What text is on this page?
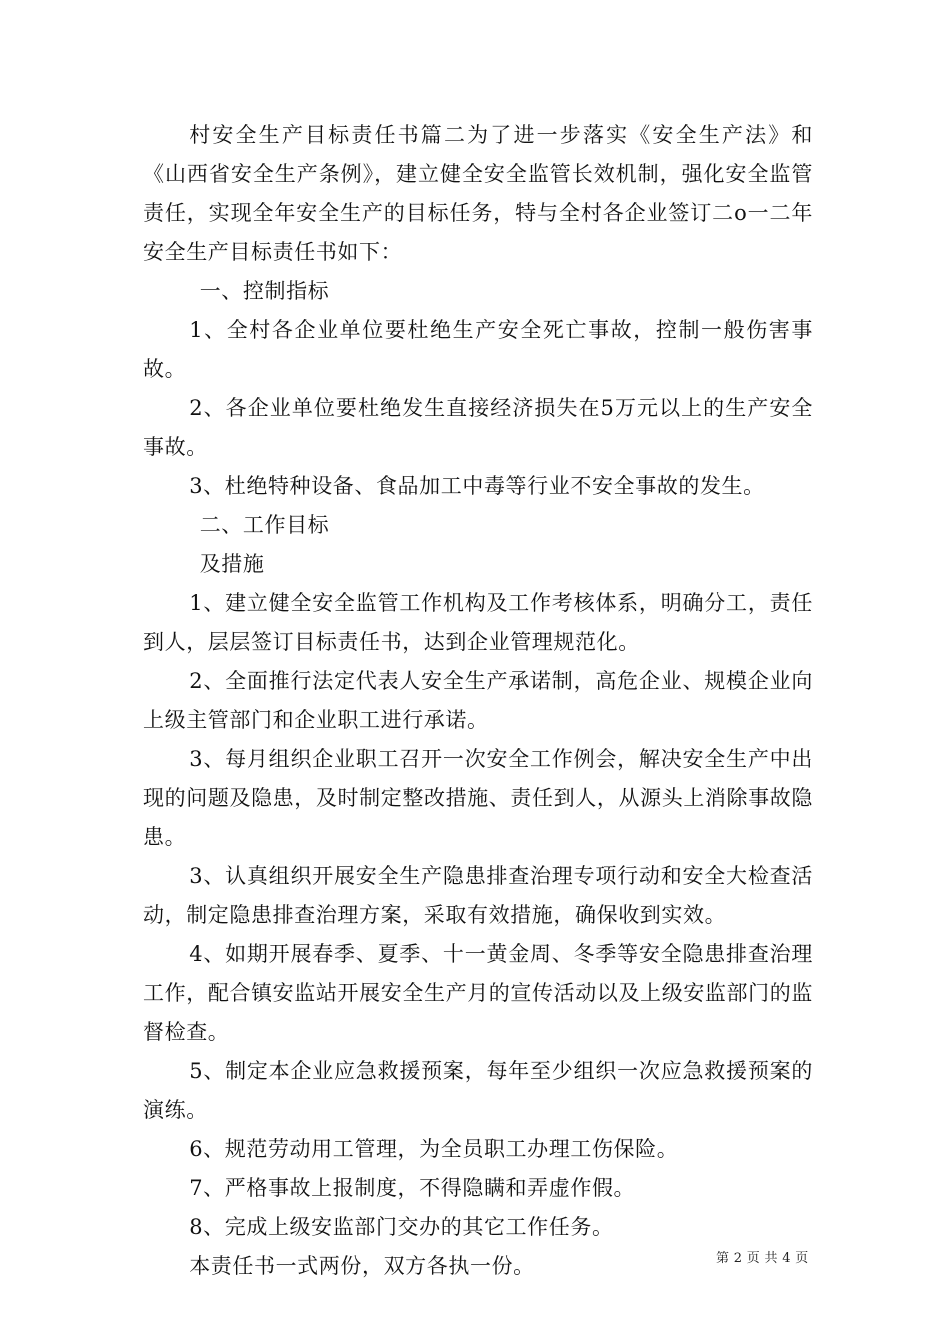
村安全生产目标责任书篇二为了进一步落实《安全生产法》和《山西省安全生产条例》，建立健全安全监管长效机制，强化安全监管责任，实现全年安全生产的目标任务，特与全村各企业签订二o一二年安全生产目标责任书如下：

一、控制指标

1、全村各企业单位要杜绝生产安全死亡事故，控制一般伤害事故。

2、各企业单位要杜绝发生直接经济损失在5万元以上的生产安全事故。

3、杜绝特种设备、食品加工中毒等行业不安全事故的发生。

二、工作目标

及措施

1、建立健全安全监管工作机构及工作考核体系，明确分工，责任到人，层层签订目标责任书，达到企业管理规范化。

2、全面推行法定代表人安全生产承诺制，高危企业、规模企业向上级主管部门和企业职工进行承诺。

3、每月组织企业职工召开一次安全工作例会，解决安全生产中出现的问题及隐患，及时制定整改措施、责任到人，从源头上消除事故隐患。

3、认真组织开展安全生产隐患排查治理专项行动和安全大检查活动，制定隐患排查治理方案，采取有效措施，确保收到实效。

4、如期开展春季、夏季、十一黄金周、冬季等安全隐患排查治理工作，配合镇安监站开展安全生产月的宣传活动以及上级安监部门的监督检查。

5、制定本企业应急救援预案，每年至少组织一次应急救援预案的演练。

6、规范劳动用工管理，为全员职工办理工伤保险。

7、严格事故上报制度，不得隐瞒和弄虚作假。

8、完成上级安监部门交办的其它工作任务。

本责任书一式两份，双方各执一份。	第 2 页 共 4 页
